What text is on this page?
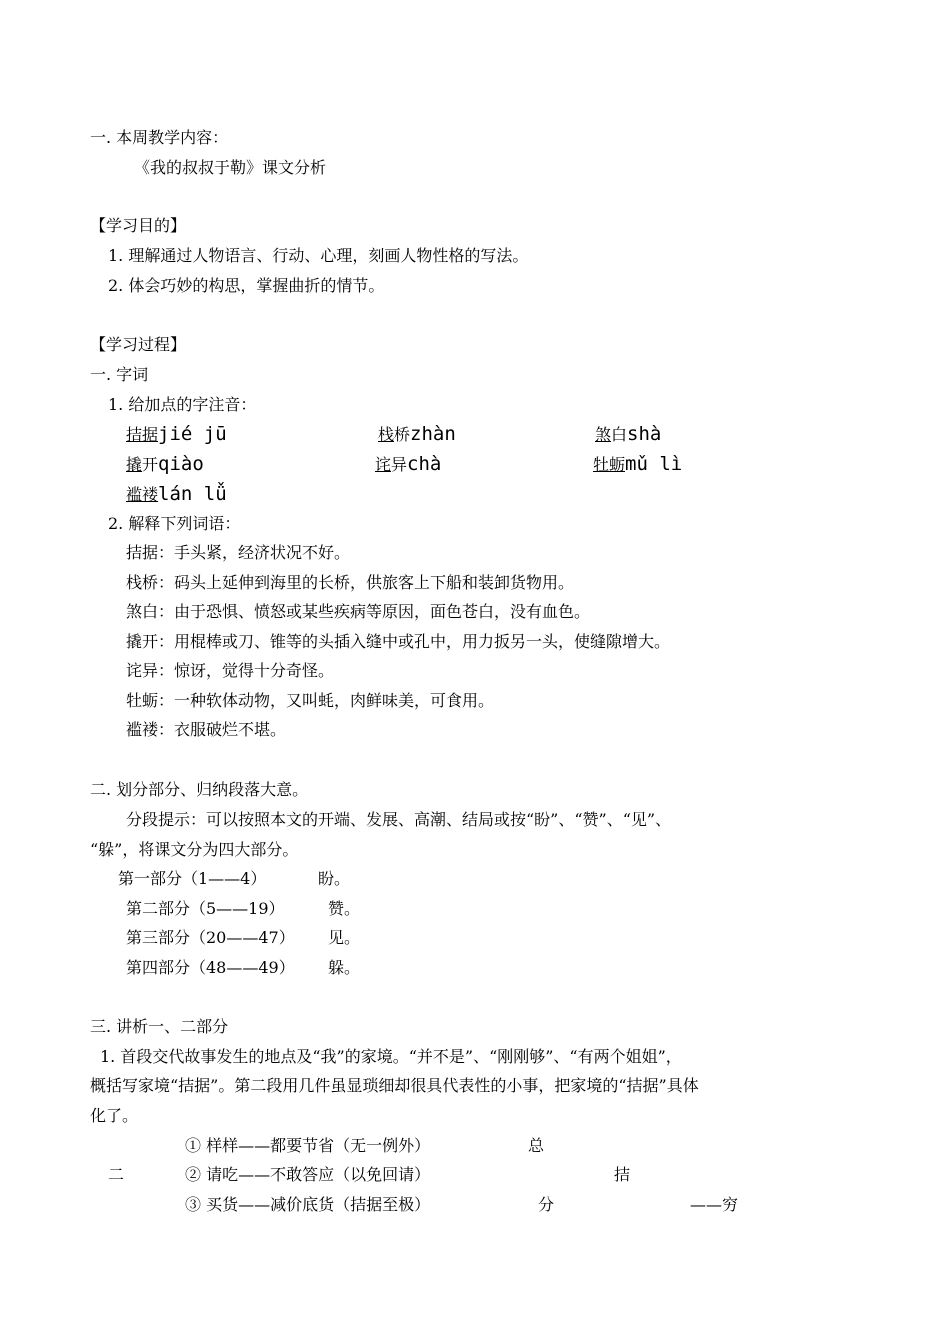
一. 本周教学内容：
《我的叔叔于勒》课文分析
【学习目的】
1. 理解通过人物语言、行动、心理，刻画人物性格的写法。
2. 体会巧妙的构思，掌握曲折的情节。
【学习过程】
一. 字词
1. 给加点的字注音：
拮据jié jū	栈桥zhàn	煞白shà
撬开qiào	诧异chà	牡蛎mǔ lì
褴褛lán lǚ
2. 解释下列词语：
拮据：手头紧，经济状况不好。
栈桥：码头上延伸到海里的长桥，供旅客上下船和装卸货物用。
煞白：由于恐惧、愤怒或某些疾病等原因，面色苍白，没有血色。
撬开：用棍棒或刀、锥等的头插入缝中或孔中，用力扳另一头，使缝隙增大。
诧异：惊讶，觉得十分奇怪。
牡蛎：一种软体动物，又叫蚝，肉鲜味美，可食用。
褴褛：衣服破烂不堪。
二. 划分部分、归纳段落大意。
分段提示：可以按照本文的开端、发展、高潮、结局或按“盼”、“赞”、“见”、
“躲”，将课文分为四大部分。
第一部分（1——4）	盼。
第二部分（5——19）	赞。
第三部分（20——47） 见。
第四部分（48——49） 躲。
三. 讲析一、二部分
1. 首段交代故事发生的地点及“我”的家境。“并不是”、“刚刚够”、“有两个姐姐”，
概括写家境“拮据”。第二段用几件虽显琐细却很具代表性的小事，把家境的“拮据”具体
化了。
① 样样——都要节省（无一例外）	总
二	② 请吃——不敢答应（以免回请）	拮
③ 买货——减价底货（拮据至极）	分	——穷
